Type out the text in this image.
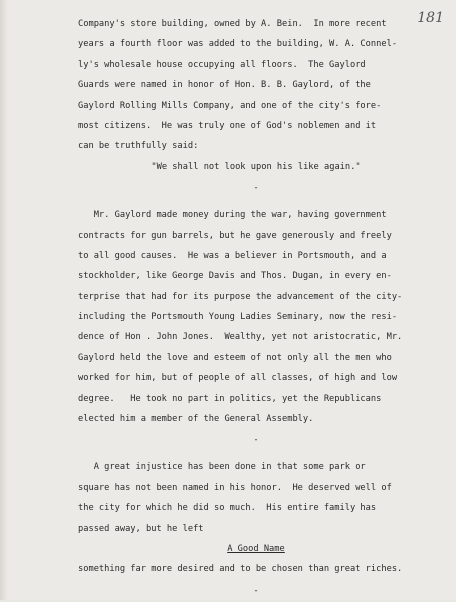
181
Company's store building, owned by A. Bein.  In more recent
years a fourth floor was added to the building, W. A. Connel-
ly's wholesale house occupying all floors.  The Gaylord
Guards were named in honor of Hon. B. B. Gaylord, of the
Gaylord Rolling Mills Company, and one of the city's fore-
most citizens.  He was truly one of God's noblemen and it
can be truthfully said:
"We shall not look upon his like again."
-
Mr. Gaylord made money during the war, having government
contracts for gun barrels, but he gave generously and freely
to all good causes.  He was a believer in Portsmouth, and a
stockholder, like George Davis and Thos. Dugan, in every en-
terprise that had for its purpose the advancement of the city-
including the Portsmouth Young Ladies Seminary, now the resi-
dence of Hon . John Jones.  Wealthy, yet not aristocratic, Mr.
Gaylord held the love and esteem of not only all the men who
worked for him, but of people of all classes, of high and low
degree.   He took no part in politics, yet the Republicans
elected him a member of the General Assembly.
-
A great injustice has been done in that some park or
square has not been named in his honor.  He deserved well of
the city for which he did so much.  His entire family has
passed away, but he left
A Good Name
something far more desired and to be chosen than great riches.
-
